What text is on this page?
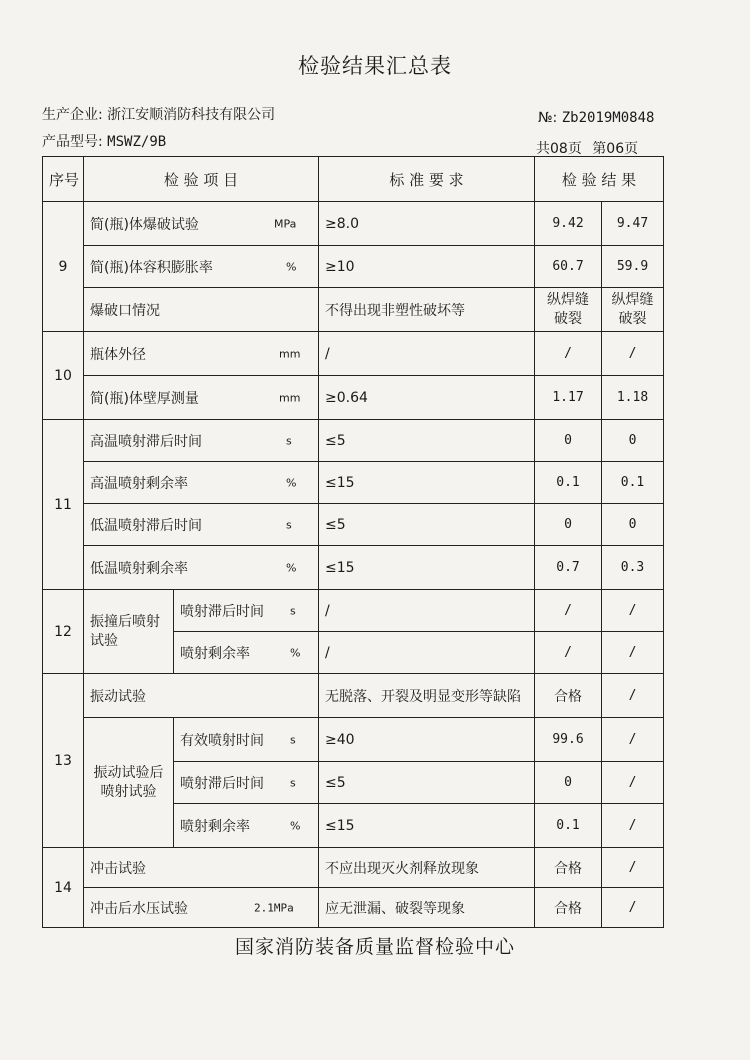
检验结果汇总表
生产企业: 浙江安顺消防科技有限公司	№: Zb2019M0848
产品型号: MSWZ/9B	共08页 第06页
序号	检 验 项 目		标 准 要 求	检 验 结 果	
9	简(瓶)体爆破试验 MPa		≥8.0	9.42	9.47
	简(瓶)体容积膨胀率 %		≥10	60.7	59.9
	爆破口情况		不得出现非塑性破坏等	纵焊缝破裂	纵焊缝破裂
10	瓶体外径 mm		/	/	/
	简(瓶)体壁厚测量 mm		≥0.64	1.17	1.18
11	高温喷射滞后时间 s		≤5	0	0
	高温喷射剩余率 %		≤15	0.1	0.1
	低温喷射滞后时间 s		≤5	0	0
	低温喷射剩余率 %		≤15	0.7	0.3
12	振撞后喷射试验	喷射滞后时间 s	/	/	/
		喷射剩余率 %	/	/	/
13	振动试验		无脱落、开裂及明显变形等缺陷	合格	/
	振动试验后喷射试验	有效喷射时间 s	≥40	99.6	/
		喷射滞后时间 s	≤5	0	/
		喷射剩余率 %	≤15	0.1	/
14	冲击试验		不应出现灭火剂释放现象	合格	/
	冲击后水压试验 2.1MPa		应无泄漏、破裂等现象	合格	/
国家消防装备质量监督检验中心
